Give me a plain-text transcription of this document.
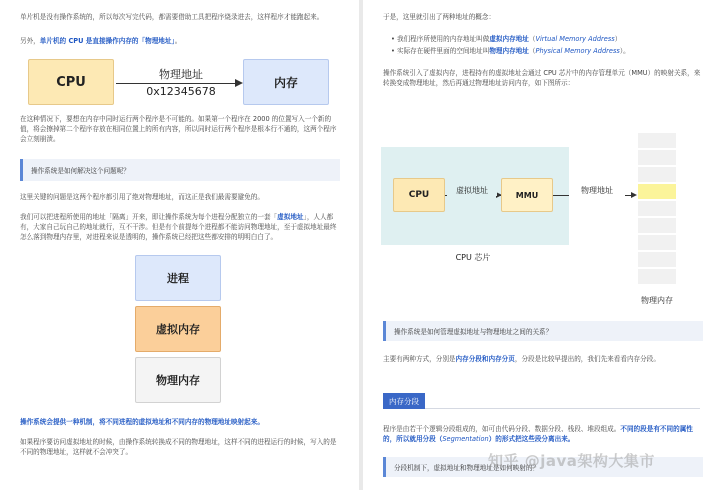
单片机是没有操作系统的，所以每次写完代码，都需要借助工具把程序烧录进去，这样程序才能跑起来。
另外，单片机的 CPU 是直接操作内存的「物理地址」。
CPU	物理地址
0x12345678
内存
在这种情况下，要想在内存中同时运行两个程序是不可能的。如果第一个程序在 2000 的位置写入一个新的值，将会擦掉第二个程序存放在相同位置上的所有内容，所以同时运行两个程序是根本行不通的，这两个程序会立刻崩溃。
操作系统是如何解决这个问题呢？
这里关键的问题是这两个程序都引用了绝对物理地址，而这正是我们最需要避免的。
我们可以把进程所使用的地址「隔离」开来，即让操作系统为每个进程分配独立的一套「虚拟地址」，人人都有，大家自己玩自己的地址就行，互不干涉。但是有个前提每个进程都不能访问物理地址，至于虚拟地址最终怎么落到物理内存里，对进程来说是透明的，操作系统已经把这些都安排的明明白白了。
进程
虚拟内存
物理内存
操作系统会提供一种机制，将不同进程的虚拟地址和不同内存的物理地址映射起来。
如果程序要访问虚拟地址的时候，由操作系统转换成不同的物理地址，这样不同的进程运行的时候，写入的是不同的物理地址，这样就不会冲突了。
于是，这里就引出了两种地址的概念：
• 我们程序所使用的内存地址叫做虚拟内存地址（Virtual Memory Address）
• 实际存在硬件里面的空间地址叫物理内存地址（Physical Memory Address）。
操作系统引入了虚拟内存，进程持有的虚拟地址会通过 CPU 芯片中的内存管理单元（MMU）的映射关系，来转换变成物理地址，然后再通过物理地址访问内存，如下图所示：
CPU	虚拟地址	MMU	物理地址
CPU 芯片
物理内存
操作系统是如何管理虚拟地址与物理地址之间的关系？
主要有两种方式，分别是内存分段和内存分页，分段是比较早提出的，我们先来看看内存分段。
内存分段
程序是由若干个逻辑分段组成的，如可由代码分段、数据分段、栈段、堆段组成。不同的段是有不同的属性的，所以就用分段（Segmentation）的形式把这些段分离出来。
分段机制下，虚拟地址和物理地址是如何映射的？
知乎 @java架构大集市
